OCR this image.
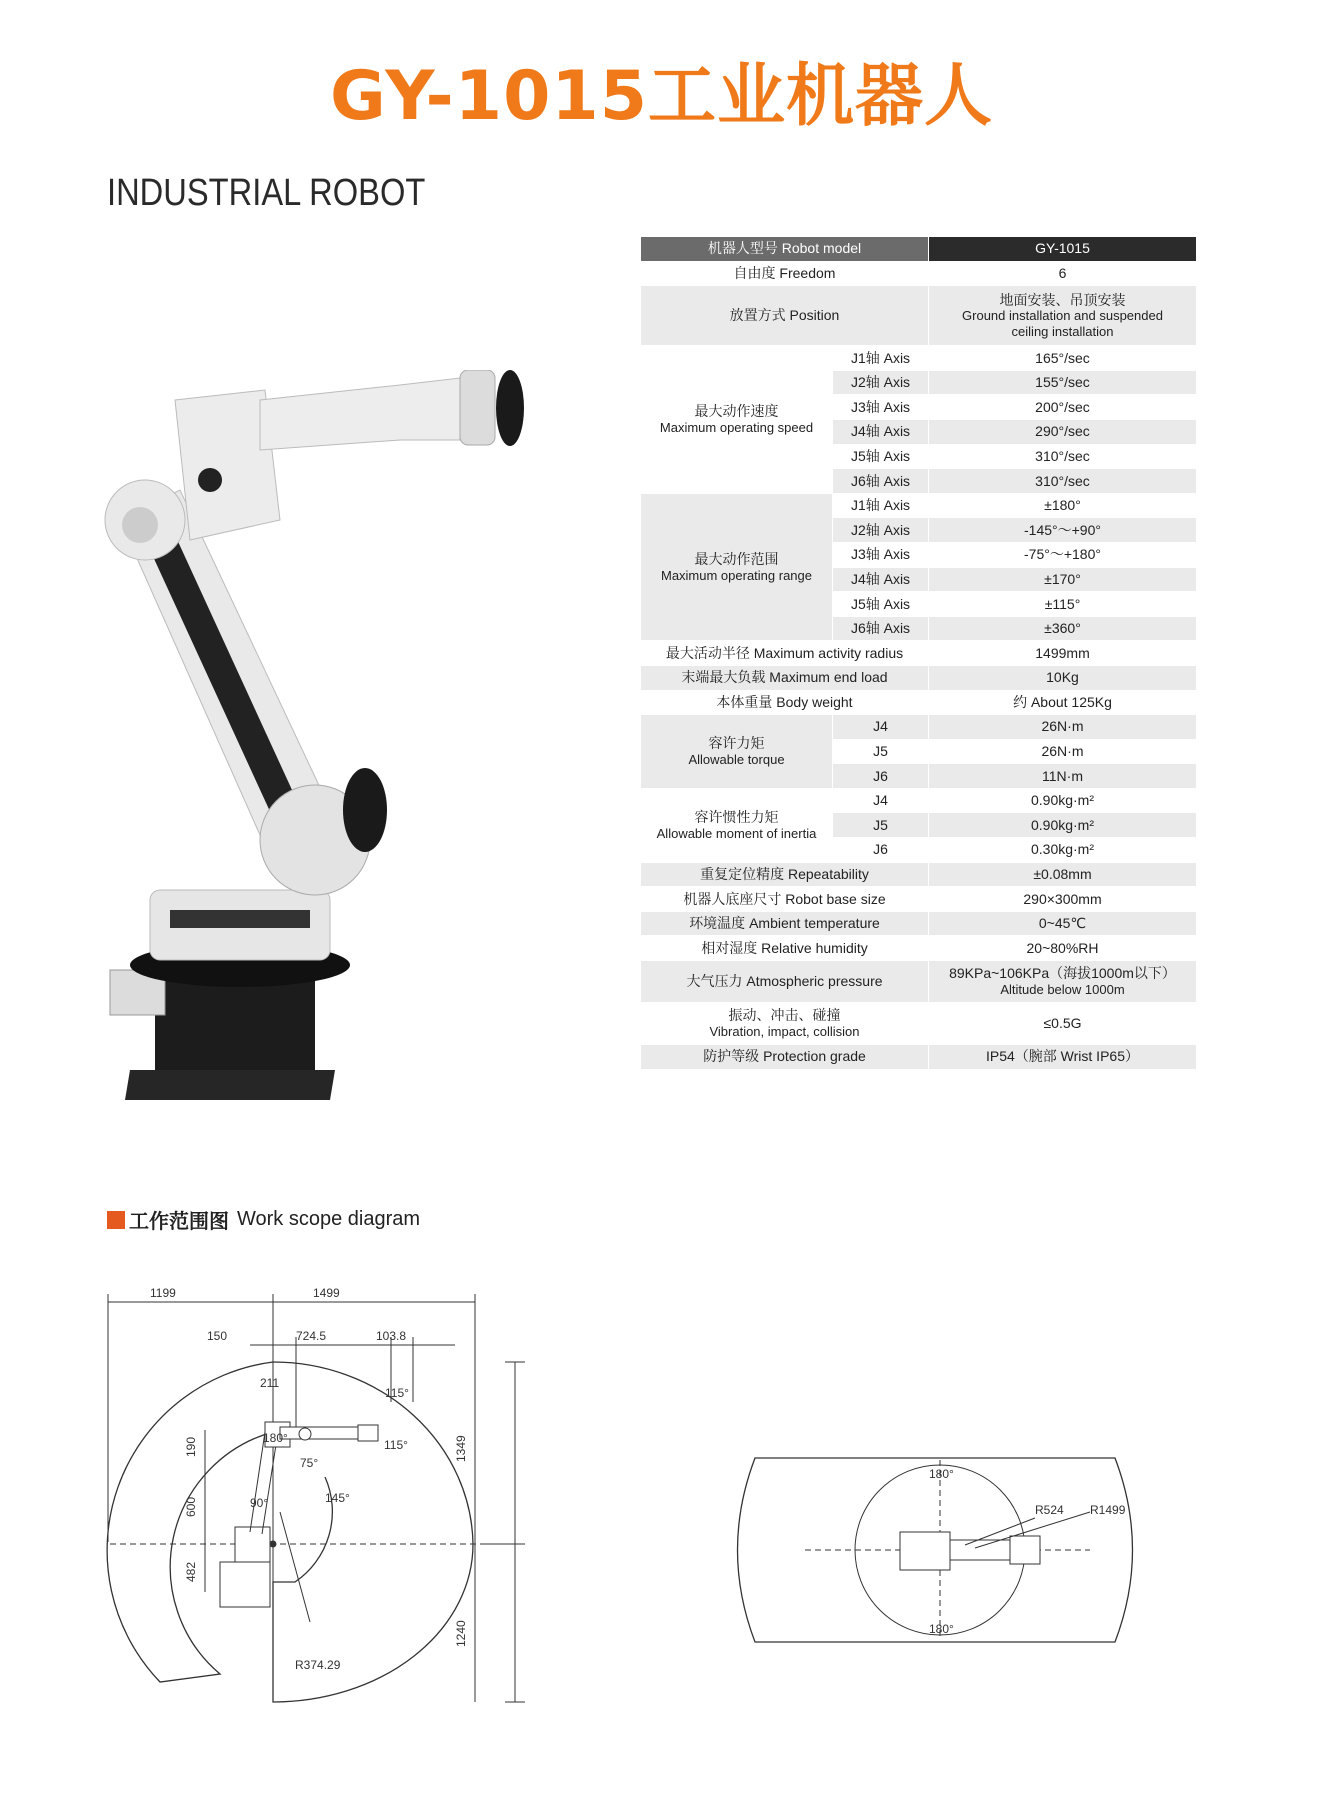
GY-1015工业机器人
INDUSTRIAL ROBOT
机器人型号 Robot model		GY-1015
自由度 Freedom		6
放置方式 Position		地面安装、吊顶安装
Ground installation and suspended
ceiling installation

最大动作速度
Maximum operating speed	J1轴 Axis	165°/sec
	J2轴 Axis	155°/sec
	J3轴 Axis	200°/sec
	J4轴 Axis	290°/sec
	J5轴 Axis	310°/sec
	J6轴 Axis	310°/sec

最大动作范围
Maximum operating range	J1轴 Axis	±180°
	J2轴 Axis	-145°～+90°
	J3轴 Axis	-75°～+180°
	J4轴 Axis	±170°
	J5轴 Axis	±115°
	J6轴 Axis	±360°
最大活动半径 Maximum activity radius		1499mm
末端最大负载 Maximum end load		10Kg
本体重量 Body weight		约 About 125Kg

容许力矩
Allowable torque	J4	26N·m
	J5	26N·m
	J6	11N·m

容许惯性力矩
Allowable moment of inertia	J4	0.90kg·m²
	J5	0.90kg·m²
	J6	0.30kg·m²
重复定位精度 Repeatability		±0.08mm
机器人底座尺寸 Robot base size		290×300mm
环境温度 Ambient temperature		0~45℃
相对湿度 Relative humidity		20~80%RH
大气压力 Atmospheric pressure		89KPa~106KPa（海拔1000m以下）
Altitude below 1000m

振动、冲击、碰撞
Vibration, impact, collision		≤0.5G
防护等级 Protection grade		IP54（腕部 Wrist IP65）
工作范围图 Work scope diagram
1199	1499
150	724.5	103.8
211
1349
1240
190
600
482
R374.29
115°
115°
180°
75°
145°
90°
180°
180°
R524 R1499
